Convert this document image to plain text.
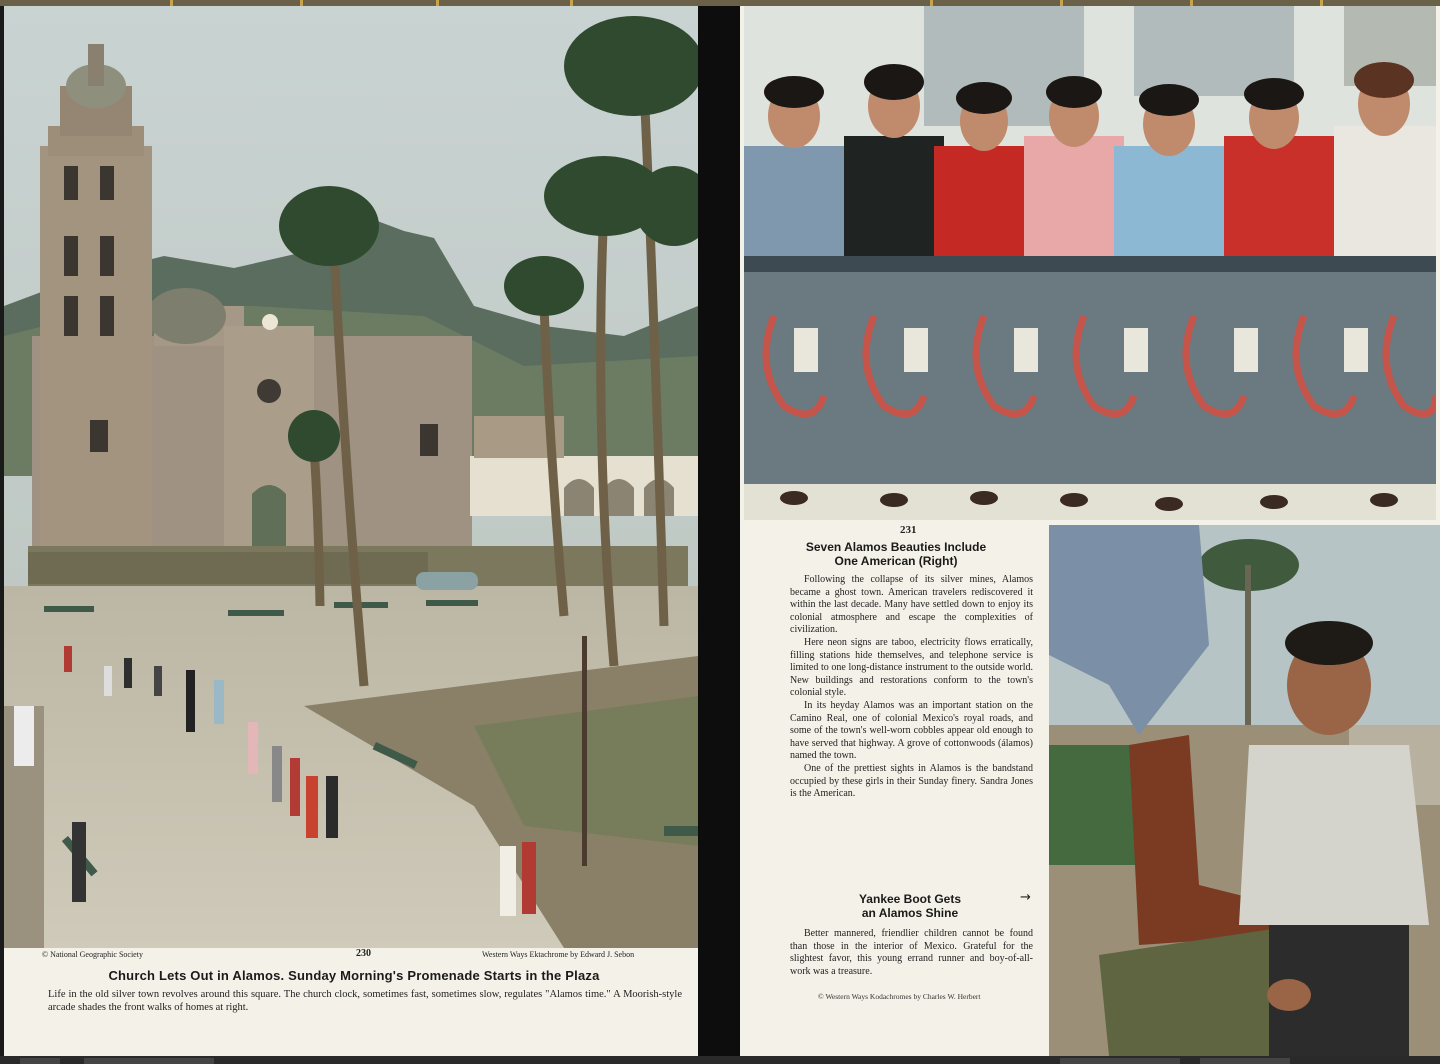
© National Geographic Society	230	Western Ways Ektachrome by Edward J. Sebon
Church Lets Out in Alamos. Sunday Morning's Promenade Starts in the Plaza
Life in the old silver town revolves around this square. The church clock, sometimes fast, sometimes slow, regulates "Alamos time." A Moorish-style arcade shades the front walks of homes at right.
231
Seven Alamos Beauties Include
One American (Right)

Following the collapse of its silver mines, Alamos became a ghost town. American travelers rediscovered it within the last decade. Many have settled down to enjoy its colonial atmosphere and escape the complexities of civilization.

Here neon signs are taboo, electricity flows erratically, filling stations hide themselves, and telephone service is limited to one long-distance instrument to the outside world. New buildings and restorations conform to the town's colonial style.

In its heyday Alamos was an important station on the Camino Real, one of colonial Mexico's royal roads, and some of the town's well-worn cobbles appear old enough to have served that highway. A grove of cottonwoods (álamos) named the town.

One of the prettiest sights in Alamos is the bandstand occupied by these girls in their Sunday finery. Sandra Jones is the American.

Yankee Boot Gets
an Alamos Shine
→

Better mannered, friendlier children cannot be found than those in the interior of Mexico. Grateful for the slightest favor, this young errand runner and boy-of-all-work was a treasure.

© Western Ways Kodachromes by Charles W. Herbert
